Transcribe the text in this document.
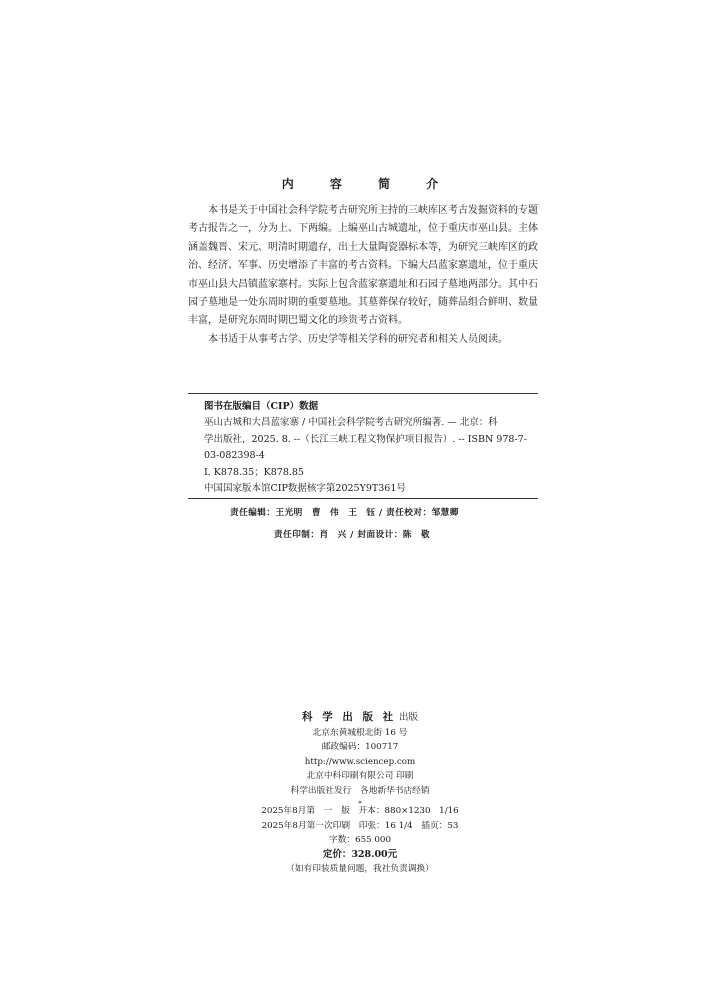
内 容 简 介

本书是关于中国社会科学院考古研究所主持的三峡库区考古发掘资料的专题考古报告之一，分为上、下两编。上编巫山古城遗址，位于重庆市巫山县。主体涵盖魏晋、宋元、明清时期遗存，出土大量陶瓷器标本等，为研究三峡库区的政治、经济、军事、历史增添了丰富的考古资料。下编大昌蓝家寨遗址，位于重庆市巫山县大昌镇蓝家寨村。实际上包含蓝家寨遗址和石园子墓地两部分。其中石园子墓地是一处东周时期的重要墓地。其墓葬保存较好，随葬品组合鲜明、数量丰富，是研究东周时期巴蜀文化的珍贵考古资料。

本书适于从事考古学、历史学等相关学科的研究者和相关人员阅读。

图书在版编目（CIP）数据
巫山古城和大昌蓝家寨 / 中国社会科学院考古研究所编著. — 北京：科
学出版社，2025. 8. --（长江三峡工程文物保护项目报告）. -- ISBN 978-7-
03-082398-4
Ⅰ. K878.35；K878.85
中国国家版本馆CIP数据核字第2025Y9T361号
责任编辑：王光明　曹　伟　王　钰 / 责任校对：邹慧卿
责任印制：肖　兴 / 封面设计：陈　敬
科 学 出 版 社 出版
北京东黄城根北街 16 号
邮政编码：100717
http://www.sciencep.com
北京中科印刷有限公司 印刷
科学出版社发行　各地新华书店经销
*
2025年8月第　一　版　开本：880×1230　1/16
2025年8月第一次印刷　印张：16 1/4　插页：53
字数：655 000
定价：328.00元
（如有印装质量问题，我社负责调换）
